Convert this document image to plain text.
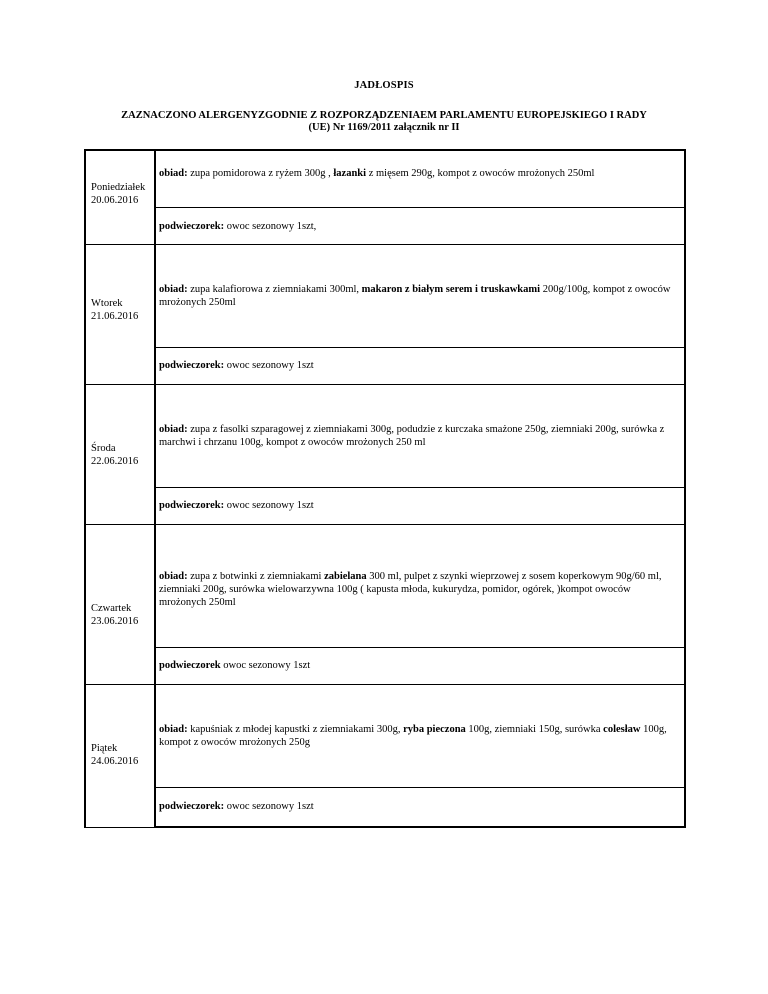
JADŁOSPIS
ZAZNACZONO ALERGENYZGODNIE Z ROZPORZĄDZENIAEM PARLAMENTU EUROPEJSKIEGO I RADY
(UE) Nr 1169/2011 załącznik nr II
Poniedziałek
20.06.2016	obiad: zupa pomidorowa z ryżem 300g , łazanki z mięsem 290g, kompot z owoców mrożonych 250ml
	podwieczorek: owoc sezonowy 1szt,

Wtorek
21.06.2016	obiad: zupa kalafiorowa z ziemniakami 300ml, makaron z białym serem i truskawkami 200g/100g, kompot z owoców mrożonych 250ml
	podwieczorek: owoc sezonowy 1szt

Środa
22.06.2016	obiad: zupa z fasolki szparagowej z ziemniakami 300g, podudzie z kurczaka smażone 250g, ziemniaki 200g, surówka z marchwi i chrzanu 100g, kompot z owoców mrożonych 250 ml
	podwieczorek: owoc sezonowy 1szt

Czwartek
23.06.2016	obiad: zupa z botwinki z ziemniakami zabielana 300 ml, pulpet z szynki wieprzowej z sosem koperkowym 90g/60 ml, ziemniaki 200g, surówka wielowarzywna 100g ( kapusta młoda, kukurydza, pomidor, ogórek, )kompot owoców mrożonych 250ml
	podwieczorek owoc sezonowy 1szt

Piątek
24.06.2016	obiad: kapuśniak z młodej kapustki z ziemniakami 300g, ryba pieczona 100g, ziemniaki 150g, surówka colesław 100g, kompot z owoców mrożonych 250g
	podwieczorek: owoc sezonowy 1szt
